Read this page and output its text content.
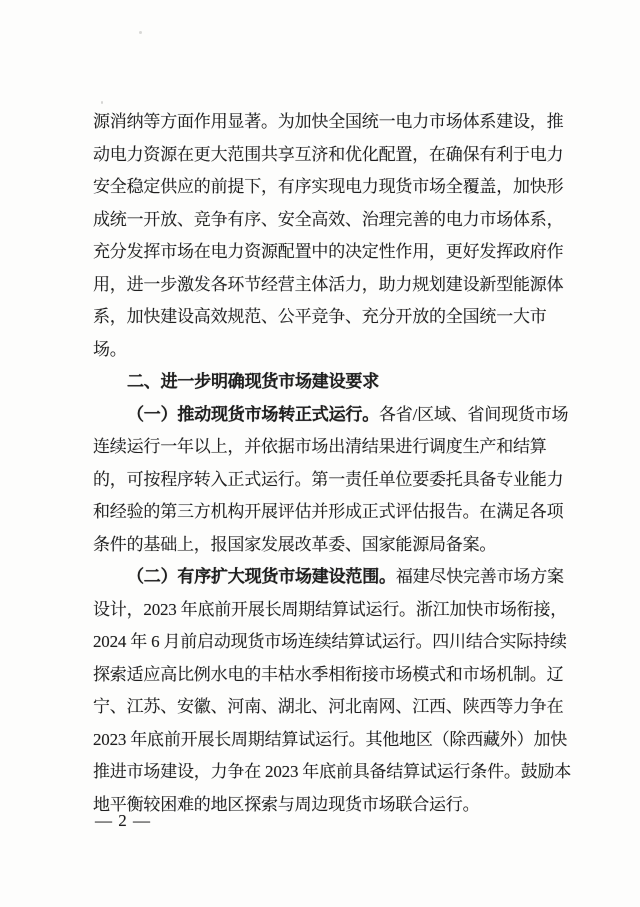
源消纳等方面作用显著。为加快全国统一电力市场体系建设，推
动电力资源在更大范围共享互济和优化配置，在确保有利于电力
安全稳定供应的前提下，有序实现电力现货市场全覆盖，加快形
成统一开放、竞争有序、安全高效、治理完善的电力市场体系，
充分发挥市场在电力资源配置中的决定性作用，更好发挥政府作
用，进一步激发各环节经营主体活力，助力规划建设新型能源体
系，加快建设高效规范、公平竞争、充分开放的全国统一大市
场。
二、进一步明确现货市场建设要求
（一）推动现货市场转正式运行。各省/区域、省间现货市场
连续运行一年以上，并依据市场出清结果进行调度生产和结算
的，可按程序转入正式运行。第一责任单位要委托具备专业能力
和经验的第三方机构开展评估并形成正式评估报告。在满足各项
条件的基础上，报国家发展改革委、国家能源局备案。
（二）有序扩大现货市场建设范围。福建尽快完善市场方案
设计，2023 年底前开展长周期结算试运行。浙江加快市场衔接，
2024 年 6 月前启动现货市场连续结算试运行。四川结合实际持续
探索适应高比例水电的丰枯水季相衔接市场模式和市场机制。辽
宁、江苏、安徽、河南、湖北、河北南网、江西、陕西等力争在
2023 年底前开展长周期结算试运行。其他地区（除西藏外）加快
推进市场建设，力争在 2023 年底前具备结算试运行条件。鼓励本
地平衡较困难的地区探索与周边现货市场联合运行。
— 2 —
